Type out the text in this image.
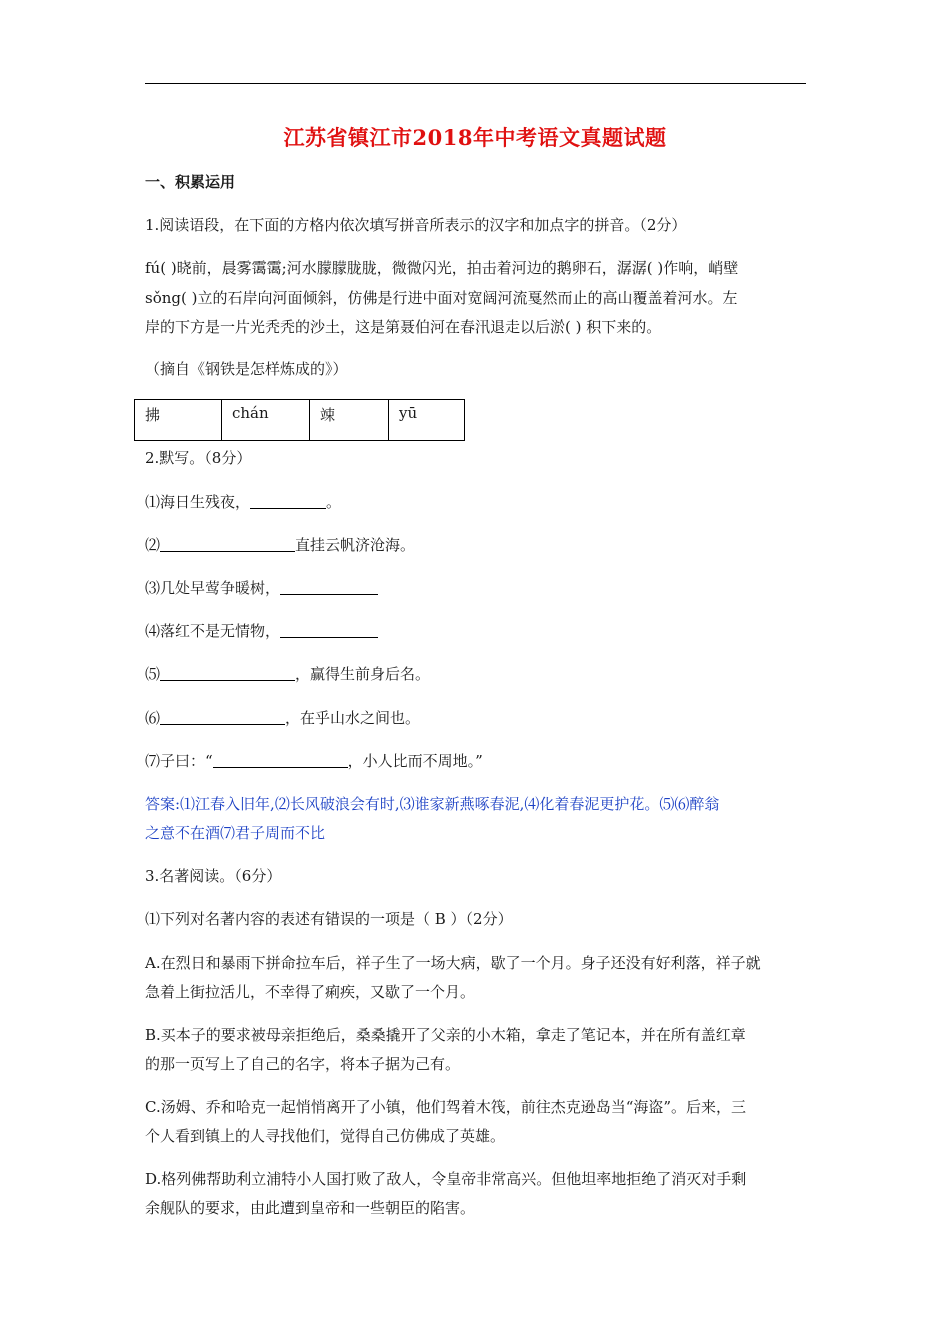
江苏省镇江市2018年中考语文真题试题
一、积累运用
1.阅读语段，在下面的方格内依次填写拼音所表示的汉字和加点字的拼音。（2分）
fú( )晓前，晨雾霭霭;河水朦朦胧胧，微微闪光，拍击着河边的鹅卵石，潺潺( )作响，峭壁
sǒng( )立的石岸向河面倾斜，仿佛是行进中面对宽阔河流戛然而止的高山覆盖着河水。左
岸的下方是一片光秃秃的沙土，这是第聂伯河在春汛退走以后淤( ) 积下来的。
（摘自《钢铁是怎样炼成的》）
拂	chán	竦	yū
2.默写。（8分）
⑴海日生残夜，	。
⑵	直挂云帆济沧海。
⑶几处早莺争暖树，
⑷落红不是无情物，
⑸	，赢得生前身后名。
⑹	，在乎山水之间也。
⑺子曰：“	，小人比而不周地。”
答案:⑴江春入旧年,⑵长风破浪会有时,⑶谁家新燕啄春泥,⑷化着春泥更护花。⑸⑹醉翁
之意不在酒⑺君子周而不比
3.名著阅读。（6分）
⑴下列对名著内容的表述有错误的一项是（ B ）（2分）
A.在烈日和暴雨下拼命拉车后，祥子生了一场大病，歇了一个月。身子还没有好利落，祥子就
急着上街拉活儿，不幸得了痢疾，又歇了一个月。
B.买本子的要求被母亲拒绝后，桑桑撬开了父亲的小木箱，拿走了笔记本，并在所有盖红章
的那一页写上了自己的名字，将本子据为己有。
C.汤姆、乔和哈克一起悄悄离开了小镇，他们驾着木筏，前往杰克逊岛当“海盗”。后来，三
个人看到镇上的人寻找他们，觉得自己仿佛成了英雄。
D.格列佛帮助利立浦特小人国打败了敌人，令皇帝非常高兴。但他坦率地拒绝了消灭对手剩
余舰队的要求，由此遭到皇帝和一些朝臣的陷害。
